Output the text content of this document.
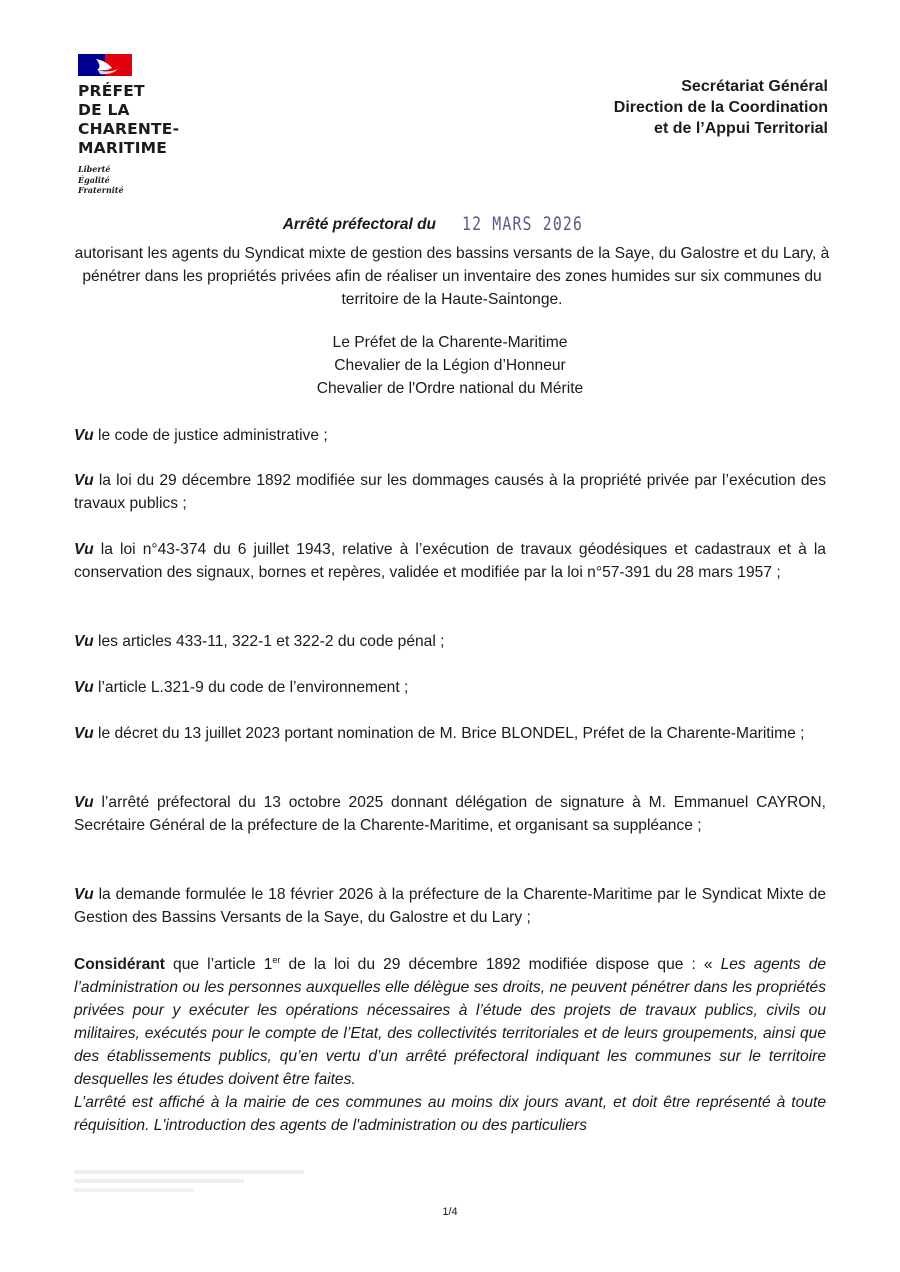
PRÉFET
DE LA
CHARENTE-
MARITIME
Liberté
Égalité
Fraternité
Secrétariat Général
Direction de la Coordination
et de l’Appui Territorial
Arrêté préfectoral du 12 MARS 2026
autorisant les agents du Syndicat mixte de gestion des bassins versants de la Saye, du Galostre et du Lary, à pénétrer dans les propriétés privées afin de réaliser un inventaire des zones humides sur six communes du territoire de la Haute-Saintonge.
Le Préfet de la Charente-Maritime
Chevalier de la Légion d’Honneur
Chevalier de l'Ordre national du Mérite

Vu le code de justice administrative ;

Vu la loi du 29 décembre 1892 modifiée sur les dommages causés à la propriété privée par l’exécution des travaux publics ;

Vu la loi n°43-374 du 6 juillet 1943, relative à l’exécution de travaux géodésiques et cadastraux et à la conservation des signaux, bornes et repères, validée et modifiée par la loi n°57-391 du 28 mars 1957 ;

Vu les articles 433-11, 322-1 et 322-2 du code pénal ;

Vu l’article L.321-9 du code de l’environnement ;

Vu le décret du 13 juillet 2023 portant nomination de M. Brice BLONDEL, Préfet de la Charente-Maritime ;

Vu l’arrêté préfectoral du 13 octobre 2025 donnant délégation de signature à M. Emmanuel CAYRON, Secrétaire Général de la préfecture de la Charente-Maritime, et organisant sa suppléance ;

Vu la demande formulée le 18 février 2026 à la préfecture de la Charente-Maritime par le Syndicat Mixte de Gestion des Bassins Versants de la Saye, du Galostre et du Lary ;

Considérant que l’article 1er de la loi du 29 décembre 1892 modifiée dispose que : « Les agents de l’administration ou les personnes auxquelles elle délègue ses droits, ne peuvent pénétrer dans les propriétés privées pour y exécuter les opérations nécessaires à l’étude des projets de travaux publics, civils ou militaires, exécutés pour le compte de l’Etat, des collectivités territoriales et de leurs groupements, ainsi que des établissements publics, qu’en vertu d’un arrêté préfectoral indiquant les communes sur le territoire desquelles les études doivent être faites.
L’arrêté est affiché à la mairie de ces communes au moins dix jours avant, et doit être représenté à toute réquisition. L'introduction des agents de l'administration ou des particuliers

1/4
